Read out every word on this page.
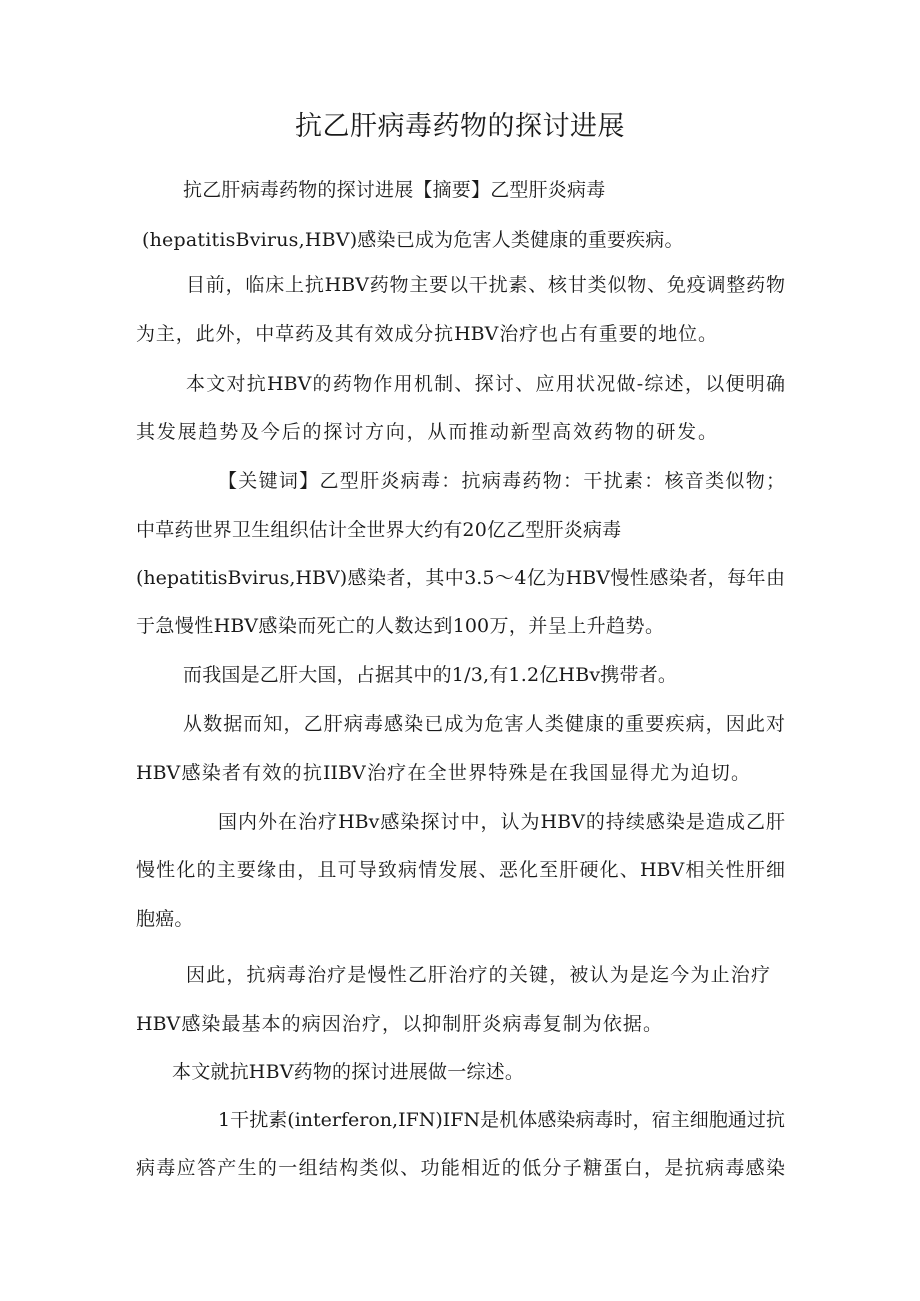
抗乙肝病毒药物的探讨进展
抗乙肝病毒药物的探讨进展【摘要】乙型肝炎病毒
(hepatitisBvirus,HBV)感染已成为危害人类健康的重要疾病。
目前，临床上抗HBV药物主要以干扰素、核甘类似物、免疫调整药物
为主，此外，中草药及其有效成分抗HBV治疗也占有重要的地位。
本文对抗HBV的药物作用机制、探讨、应用状况做-综述，以便明确
其发展趋势及今后的探讨方向，从而推动新型高效药物的研发。
【关键词】乙型肝炎病毒：抗病毒药物：干扰素：核音类似物；
中草药世界卫生组织估计全世界大约有20亿乙型肝炎病毒
(hepatitisBvirus,HBV)感染者，其中3.5～4亿为HBV慢性感染者，每年由
于急慢性HBV感染而死亡的人数达到100万，并呈上升趋势。
而我国是乙肝大国，占据其中的1/3,有1.2亿HBv携带者。
从数据而知，乙肝病毒感染已成为危害人类健康的重要疾病，因此对
HBV感染者有效的抗IIBV治疗在全世界特殊是在我国显得尤为迫切。
国内外在治疗HBv感染探讨中，认为HBV的持续感染是造成乙肝
慢性化的主要缘由，且可导致病情发展、恶化至肝硬化、HBV相关性肝细
胞癌。
因此，抗病毒治疗是慢性乙肝治疗的关键，被认为是迄今为止治疗
HBV感染最基本的病因治疗，以抑制肝炎病毒复制为依据。
本文就抗HBV药物的探讨进展做一综述。
1干扰素(interferon,IFN)IFN是机体感染病毒时，宿主细胞通过抗
病毒应答产生的一组结构类似、功能相近的低分子糖蛋白，是抗病毒感染
